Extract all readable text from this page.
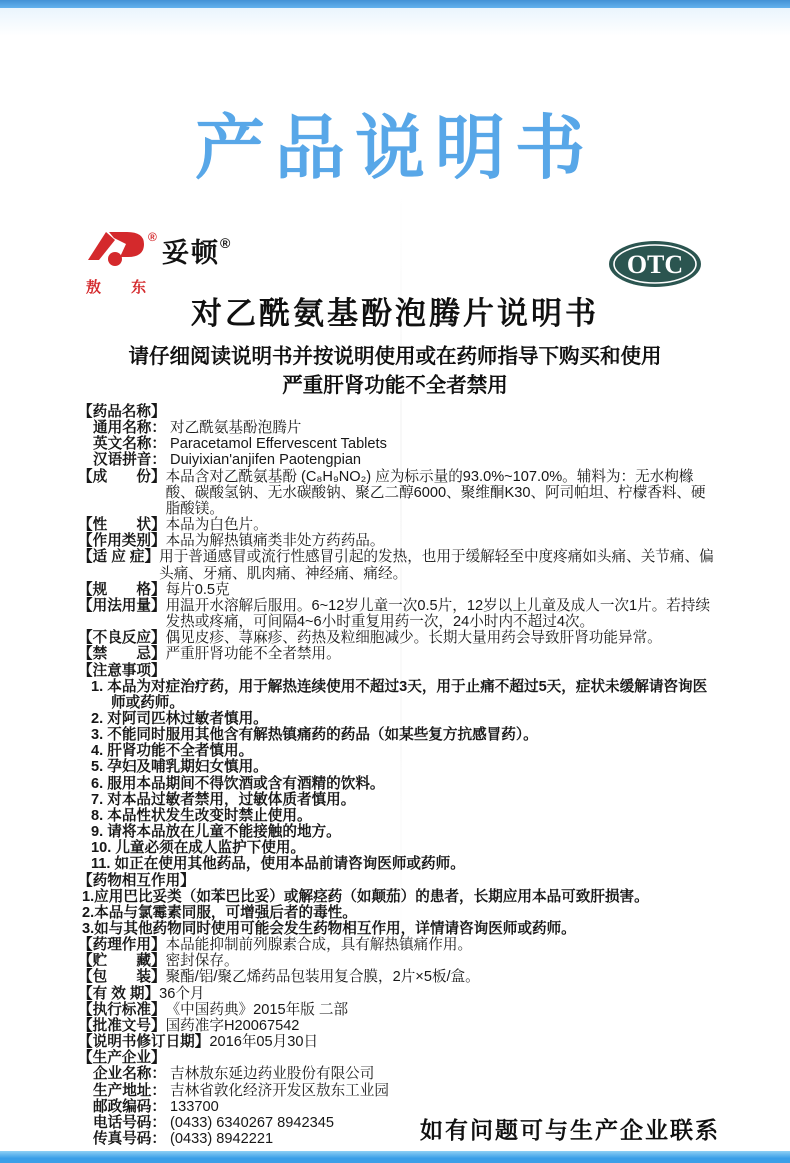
产品说明书
®
敖 东
妥顿®
OTC
对乙酰氨基酚泡腾片说明书
请仔细阅读说明书并按说明使用或在药师指导下购买和使用
严重肝肾功能不全者禁用
【药品名称】
通用名称： 对乙酰氨基酚泡腾片
英文名称： Paracetamol Effervescent Tablets
汉语拼音： Duiyixian'anjifen Paotengpian
【成　　份】 本品含对乙酰氨基酚 (C₈H₉NO₂) 应为标示量的93.0%~107.0%。辅料为：无水枸橼酸、碳酸氢钠、无水碳酸钠、聚乙二醇6000、聚维酮K30、阿司帕坦、柠檬香料、硬脂酸镁。
【性　　状】 本品为白色片。
【作用类别】 本品为解热镇痛类非处方药药品。
【适 应 症】 用于普通感冒或流行性感冒引起的发热，也用于缓解轻至中度疼痛如头痛、关节痛、偏头痛、牙痛、肌肉痛、神经痛、痛经。
【规　　格】 每片0.5克
【用法用量】 用温开水溶解后服用。6~12岁儿童一次0.5片，12岁以上儿童及成人一次1片。若持续发热或疼痛，可间隔4~6小时重复用药一次，24小时内不超过4次。
【不良反应】 偶见皮疹、荨麻疹、药热及粒细胞减少。长期大量用药会导致肝肾功能异常。
【禁　　忌】 严重肝肾功能不全者禁用。
【注意事项】
1. 本品为对症治疗药，用于解热连续使用不超过3天，用于止痛不超过5天，症状未缓解请咨询医师或药师。
2. 对阿司匹林过敏者慎用。
3. 不能同时服用其他含有解热镇痛药的药品（如某些复方抗感冒药）。
4. 肝肾功能不全者慎用。
5. 孕妇及哺乳期妇女慎用。
6. 服用本品期间不得饮酒或含有酒精的饮料。
7. 对本品过敏者禁用，过敏体质者慎用。
8. 本品性状发生改变时禁止使用。
9. 请将本品放在儿童不能接触的地方。
10. 儿童必须在成人监护下使用。
11. 如正在使用其他药品，使用本品前请咨询医师或药师。
【药物相互作用】
1.应用巴比妥类（如苯巴比妥）或解痉药（如颠茄）的患者，长期应用本品可致肝损害。
2.本品与氯霉素同服，可增强后者的毒性。
3.如与其他药物同时使用可能会发生药物相互作用，详情请咨询医师或药师。
【药理作用】 本品能抑制前列腺素合成，具有解热镇痛作用。
【贮　　藏】 密封保存。
【包　　装】 聚酯/铝/聚乙烯药品包装用复合膜，2片×5板/盒。
【有 效 期】 36个月
【执行标准】 《中国药典》2015年版 二部
【批准文号】 国药准字H20067542
【说明书修订日期】 2016年05月30日
【生产企业】
企业名称： 吉林敖东延边药业股份有限公司
生产地址： 吉林省敦化经济开发区敖东工业园
邮政编码： 133700
电话号码： (0433) 6340267 8942345
传真号码： (0433) 8942221	如有问题可与生产企业联系
